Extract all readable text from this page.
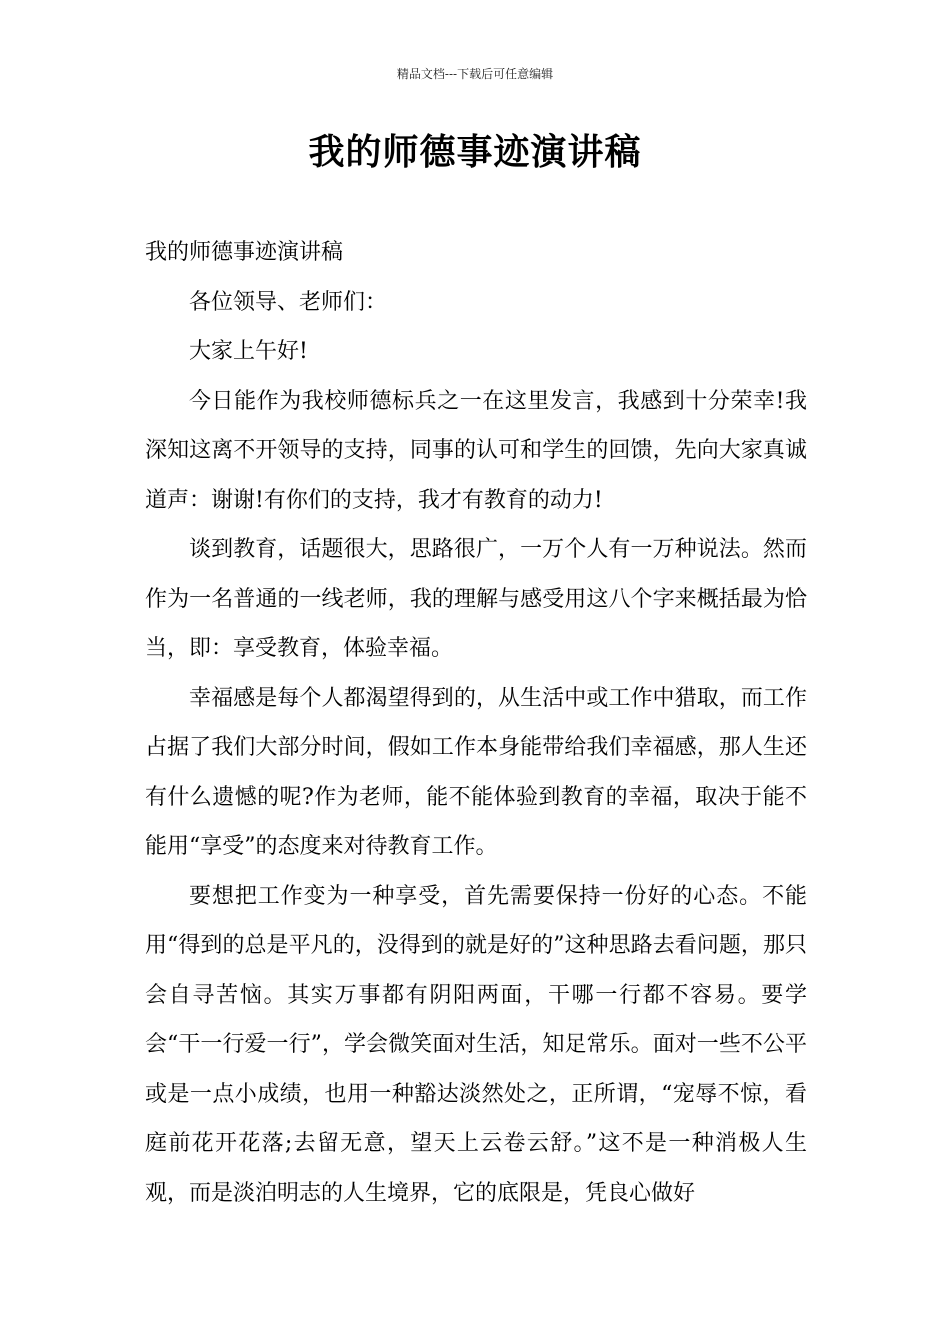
精品文档---下载后可任意编辑
我的师德事迹演讲稿

我的师德事迹演讲稿

各位领导、老师们：

大家上午好!

今日能作为我校师德标兵之一在这里发言，我感到十分荣幸!我深知这离不开领导的支持，同事的认可和学生的回馈，先向大家真诚道声：谢谢!有你们的支持，我才有教育的动力!

谈到教育，话题很大，思路很广，一万个人有一万种说法。然而作为一名普通的一线老师，我的理解与感受用这八个字来概括最为恰当，即：享受教育，体验幸福。

幸福感是每个人都渴望得到的，从生活中或工作中猎取，而工作占据了我们大部分时间，假如工作本身能带给我们幸福感，那人生还有什么遗憾的呢?作为老师，能不能体验到教育的幸福，取决于能不能用“享受”的态度来对待教育工作。

要想把工作变为一种享受，首先需要保持一份好的心态。不能用“得到的总是平凡的，没得到的就是好的”这种思路去看问题，那只会自寻苦恼。其实万事都有阴阳两面，干哪一行都不容易。要学会“干一行爱一行”，学会微笑面对生活，知足常乐。面对一些不公平或是一点小成绩，也用一种豁达淡然处之，正所谓，“宠辱不惊，看庭前花开花落;去留无意，望天上云卷云舒。”这不是一种消极人生观，而是淡泊明志的人生境界，它的底限是，凭良心做好
